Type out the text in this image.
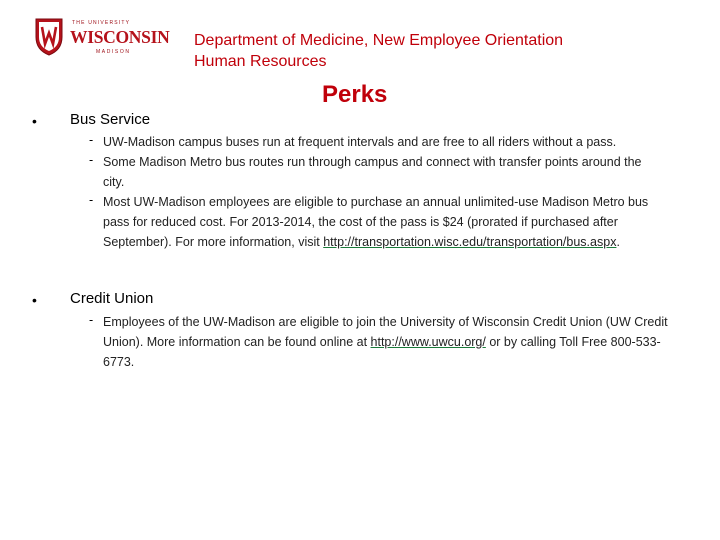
THE UNIVERSITY
WISCONSIN
MADISON
Department of Medicine, New Employee Orientation
Human Resources
Perks
• Bus Service
- UW-Madison campus buses run at frequent intervals and are free to all riders without a pass.
- Some Madison Metro bus routes run through campus and connect with transfer points around the city.
- Most UW-Madison employees are eligible to purchase an annual unlimited-use Madison Metro bus pass for reduced cost. For 2013-2014, the cost of the pass is $24 (prorated if purchased after September). For more information, visit http://transportation.wisc.edu/transportation/bus.aspx.
• Credit Union
- Employees of the UW-Madison are eligible to join the University of Wisconsin Credit Union (UW Credit Union). More information can be found online at http://www.uwcu.org/ or by calling Toll Free 800-533-6773.
